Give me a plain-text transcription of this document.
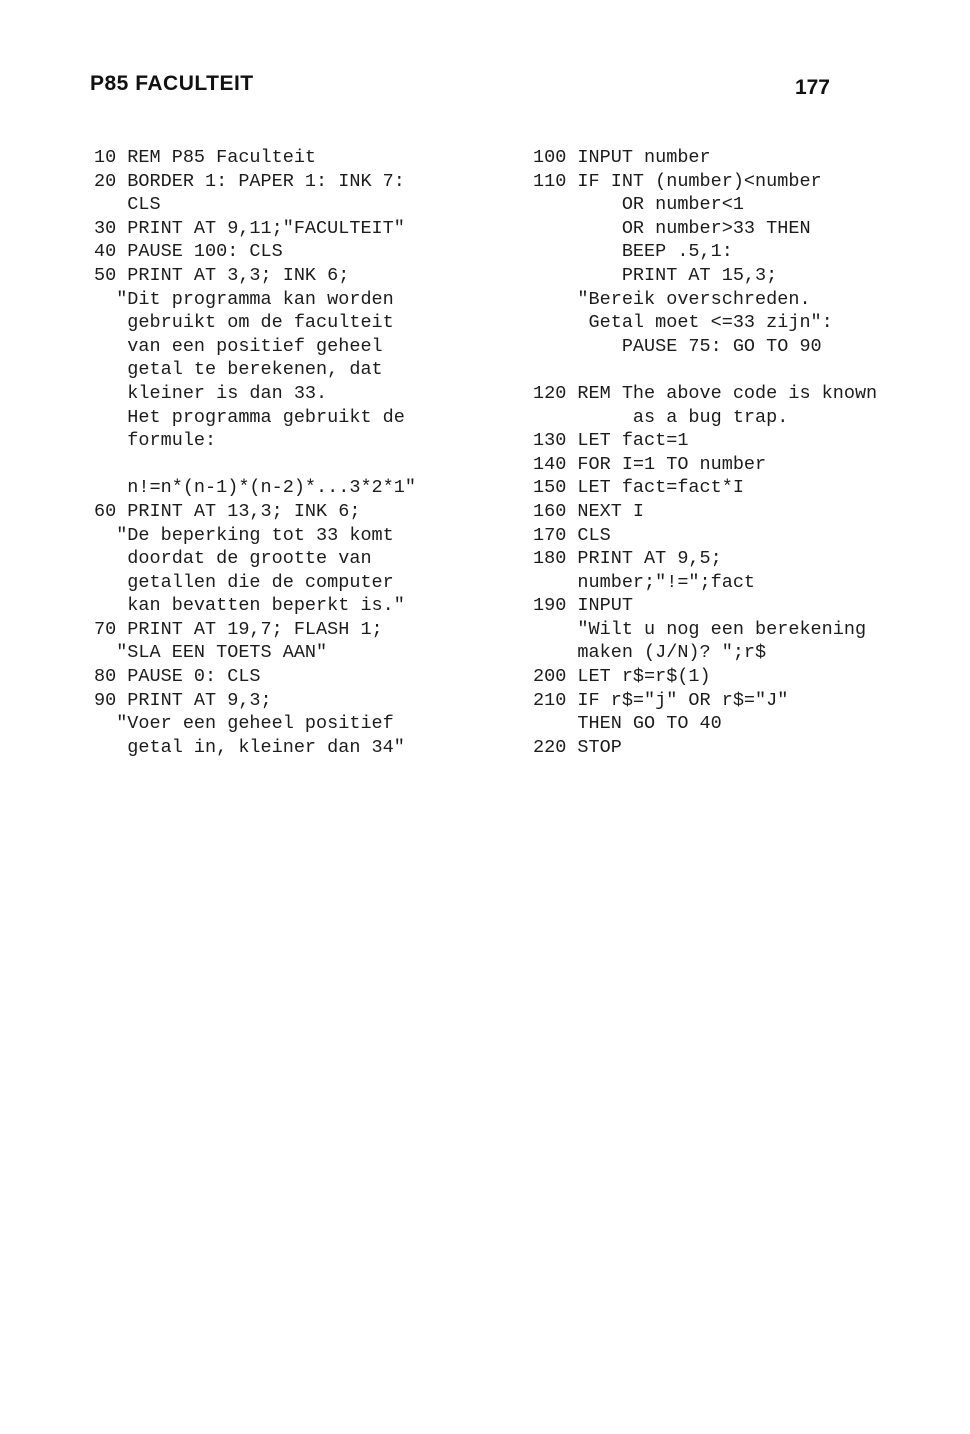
P85 FACULTEIT	177
10 REM P85 Faculteit
20 BORDER 1: PAPER 1: INK 7:
CLS
30 PRINT AT 9,11;"FACULTEIT"
40 PAUSE 100: CLS
50 PRINT AT 3,3; INK 6;
"Dit programma kan worden
gebruikt om de faculteit
van een positief geheel
getal te berekenen, dat
kleiner is dan 33.
Het programma gebruikt de
formule:
n!=n*(n-1)*(n-2)*...3*2*1"
60 PRINT AT 13,3; INK 6;
"De beperking tot 33 komt
doordat de grootte van
getallen die de computer
kan bevatten beperkt is."
70 PRINT AT 19,7; FLASH 1;
"SLA EEN TOETS AAN"
80 PAUSE 0: CLS
90 PRINT AT 9,3;
"Voer een geheel positief
getal in, kleiner dan 34"
100 INPUT number
110 IF INT (number)<number
OR number<1
OR number>33 THEN
BEEP .5,1:
PRINT AT 15,3;
"Bereik overschreden.
Getal moet <=33 zijn":
PAUSE 75: GO TO 90
120 REM The above code is known
as a bug trap.
130 LET fact=1
140 FOR I=1 TO number
150 LET fact=fact*I
160 NEXT I
170 CLS
180 PRINT AT 9,5;
number;"!=";fact
190 INPUT
"Wilt u nog een berekening
maken (J/N)? ";r$
200 LET r$=r$(1)
210 IF r$="j" OR r$="J"
THEN GO TO 40
220 STOP
